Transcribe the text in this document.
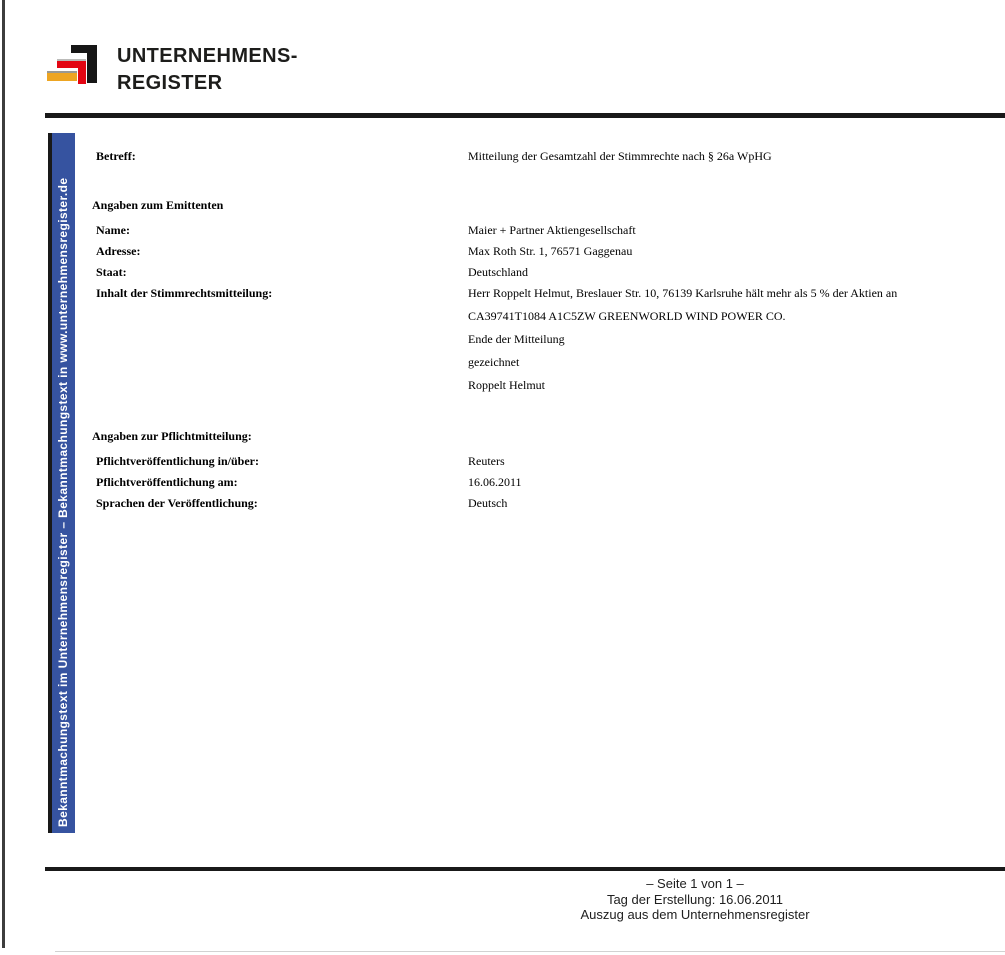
UNTERNEHMENS-
REGISTER
Bekanntmachungstext im Unternehmensregister – Bekanntmachungstext in www.unternehmensregister.de
Betreff:	Mitteilung der Gesamtzahl der Stimmrechte nach § 26a WpHG
Angaben zum Emittenten
Name:	Maier + Partner Aktiengesellschaft
Adresse:	Max Roth Str. 1, 76571 Gaggenau
Staat:	Deutschland
Inhalt der Stimmrechtsmitteilung:	Herr Roppelt Helmut, Breslauer Str. 10, 76139 Karlsruhe hält mehr als 5 % der Aktien an
CA39741T1084 A1C5ZW GREENWORLD WIND POWER CO.
Ende der Mitteilung
gezeichnet
Roppelt Helmut
Angaben zur Pflichtmitteilung:
Pflichtveröffentlichung in/über:	Reuters
Pflichtveröffentlichung am:	16.06.2011
Sprachen der Veröffentlichung:	Deutsch
– Seite 1 von 1 –
Tag der Erstellung: 16.06.2011
Auszug aus dem Unternehmensregister
